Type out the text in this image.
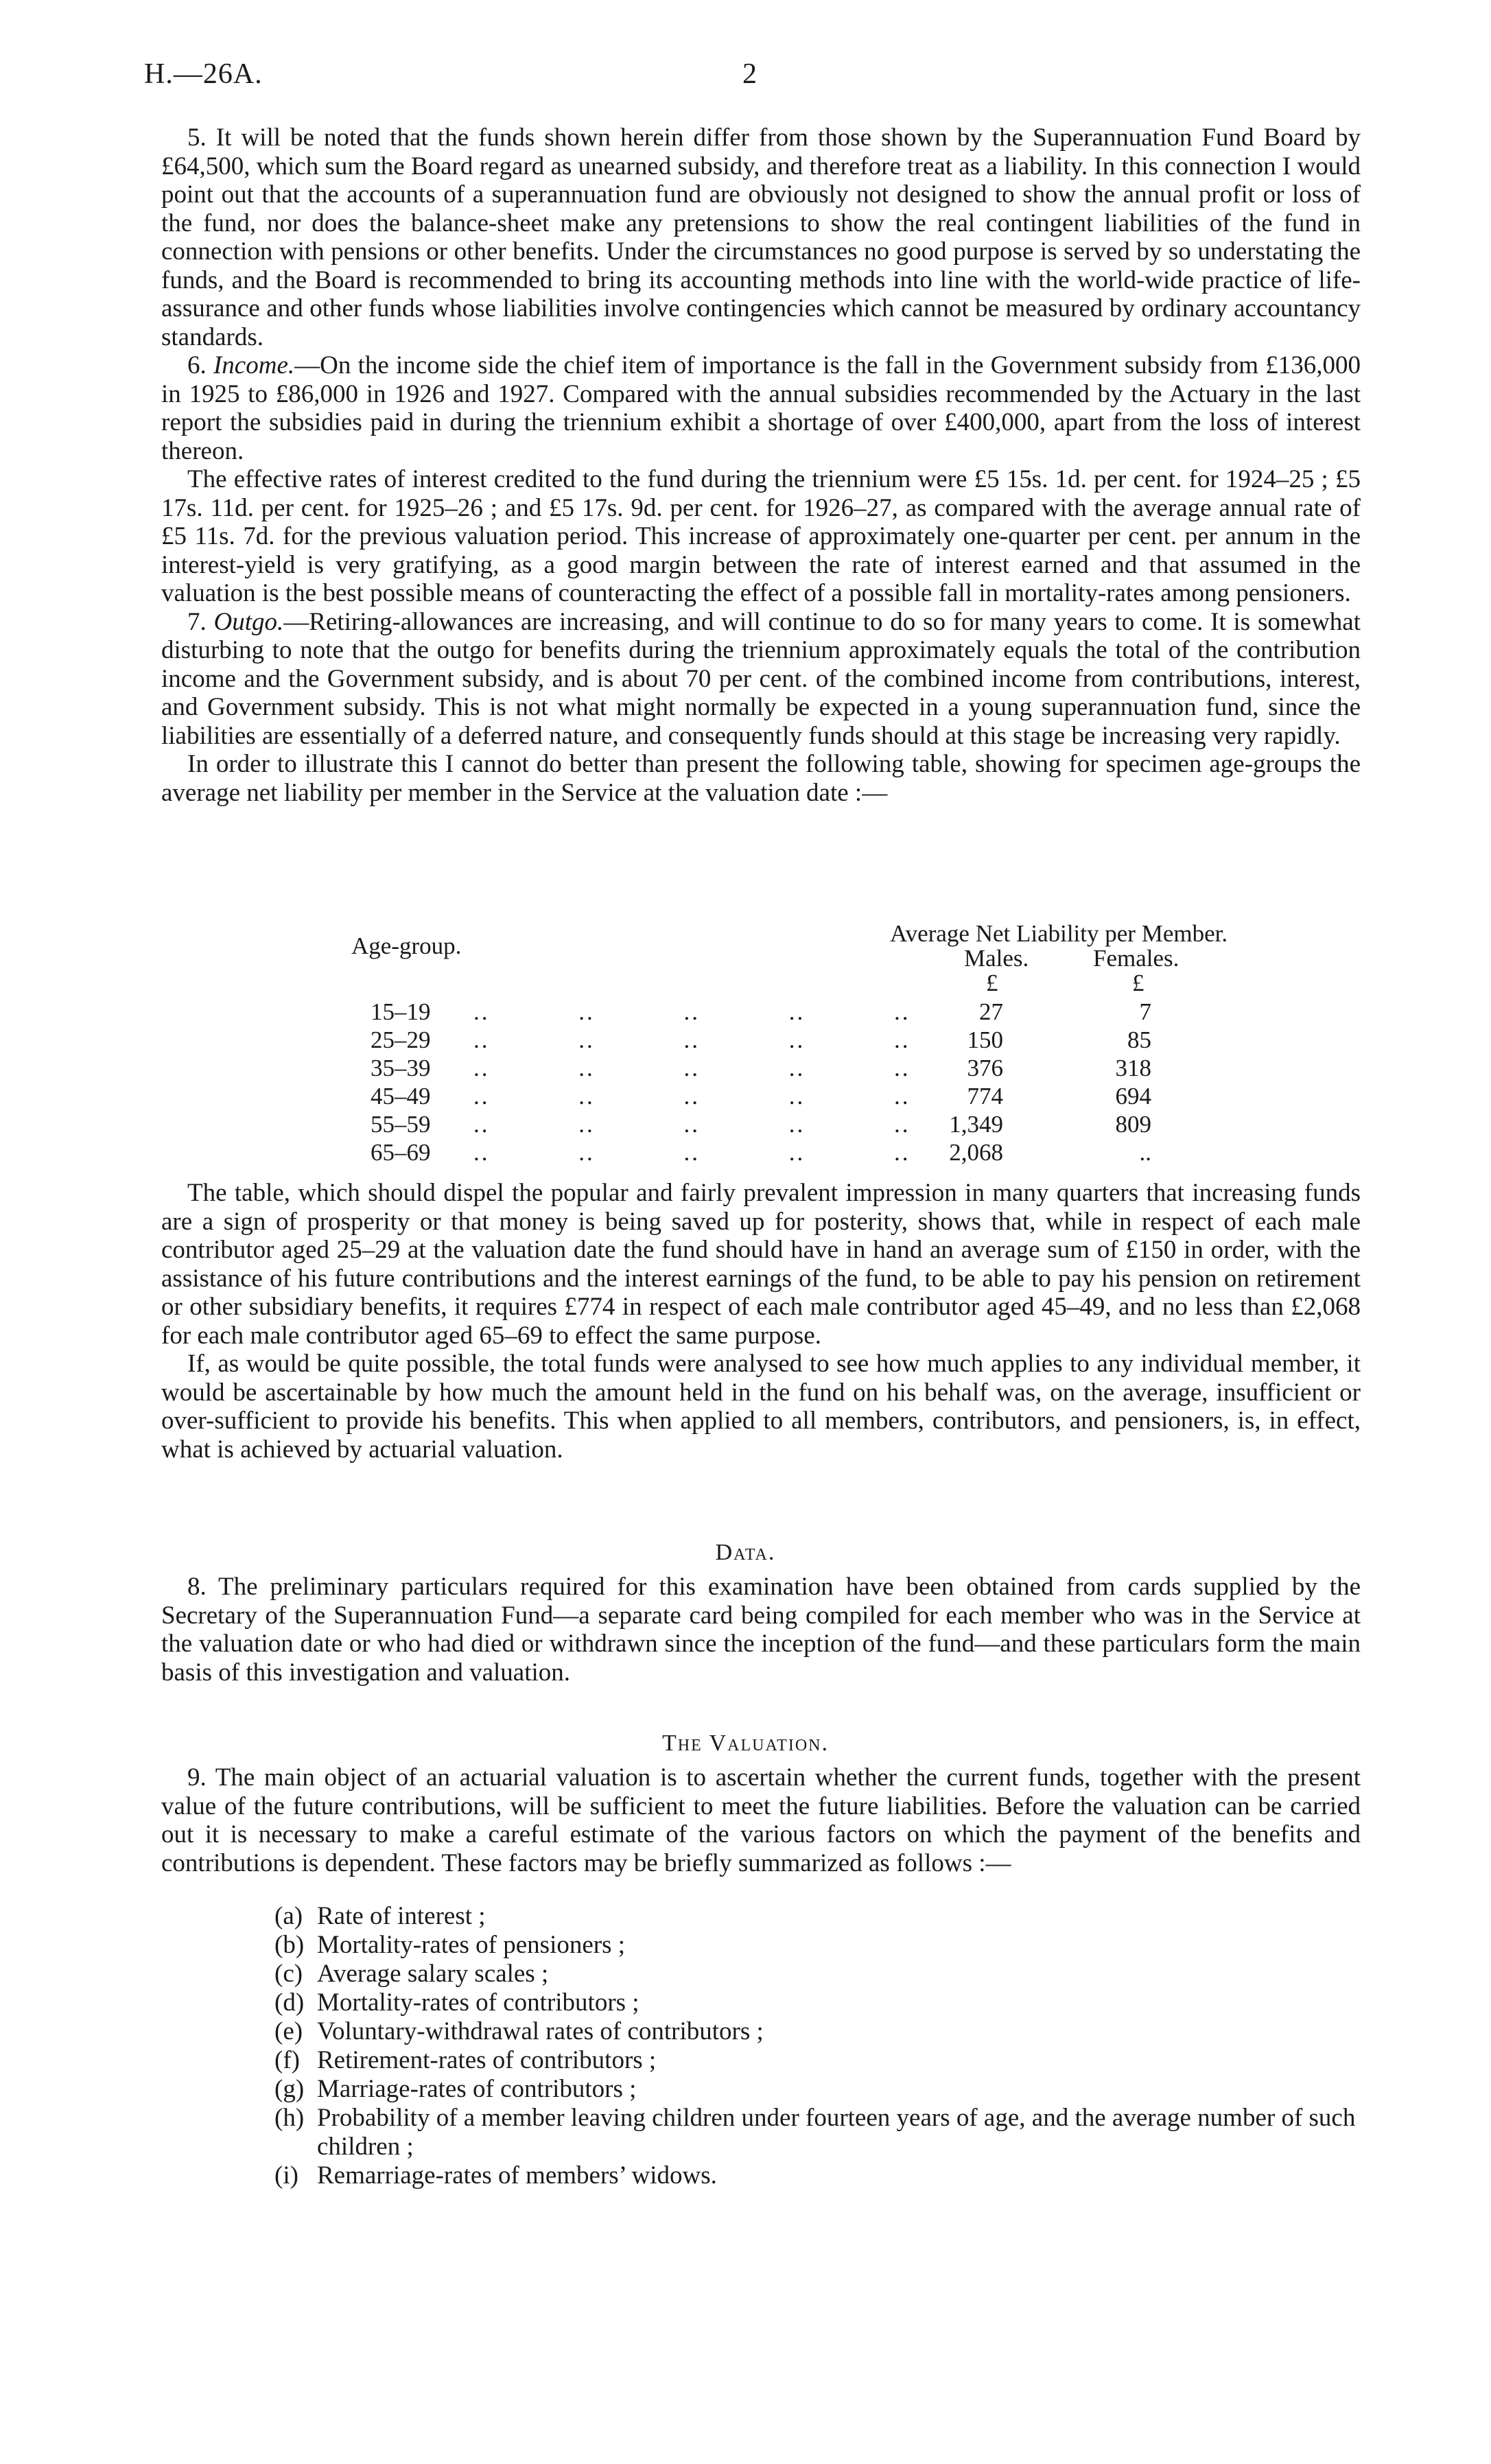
H.—26A.	2

5. It will be noted that the funds shown herein differ from those shown by the Superannuation Fund Board by £64,500, which sum the Board regard as unearned subsidy, and therefore treat as a liability. In this connection I would point out that the accounts of a superannuation fund are obviously not designed to show the annual profit or loss of the fund, nor does the balance-sheet make any pretensions to show the real contingent liabilities of the fund in connection with pensions or other benefits. Under the circumstances no good purpose is served by so understating the funds, and the Board is recommended to bring its accounting methods into line with the world-wide practice of life-assurance and other funds whose liabilities involve contingencies which cannot be measured by ordinary accountancy standards.

6. Income.—On the income side the chief item of importance is the fall in the Government subsidy from £136,000 in 1925 to £86,000 in 1926 and 1927. Compared with the annual subsidies recommended by the Actuary in the last report the subsidies paid in during the triennium exhibit a shortage of over £400,000, apart from the loss of interest thereon.

The effective rates of interest credited to the fund during the triennium were £5 15s. 1d. per cent. for 1924–25 ; £5 17s. 11d. per cent. for 1925–26 ; and £5 17s. 9d. per cent. for 1926–27, as compared with the average annual rate of £5 11s. 7d. for the previous valuation period. This increase of approximately one-quarter per cent. per annum in the interest-yield is very gratifying, as a good margin between the rate of interest earned and that assumed in the valuation is the best possible means of counteracting the effect of a possible fall in mortality-rates among pensioners.

7. Outgo.—Retiring-allowances are increasing, and will continue to do so for many years to come. It is somewhat disturbing to note that the outgo for benefits during the triennium approximately equals the total of the contribution income and the Government subsidy, and is about 70 per cent. of the combined income from contributions, interest, and Government subsidy. This is not what might normally be expected in a young superannuation fund, since the liabilities are essentially of a deferred nature, and consequently funds should at this stage be increasing very rapidly.

In order to illustrate this I cannot do better than present the following table, showing for specimen age-groups the average net liability per member in the Service at the valuation date :—

Age-group.	Average Net Liability per Member.
Males.	Females.
£	£
15–19 .. .. .. .. ..	27	7
25–29 .. .. .. .. .. 150	85
35–39 .. .. .. .. .. 376	318
45–49 .. .. .. .. .. 774	694
55–59 .. .. .. .. .. 1,349	809
65–69 .. .. .. .. .. 2,068	..

The table, which should dispel the popular and fairly prevalent impression in many quarters that increasing funds are a sign of prosperity or that money is being saved up for posterity, shows that, while in respect of each male contributor aged 25–29 at the valuation date the fund should have in hand an average sum of £150 in order, with the assistance of his future contributions and the interest earnings of the fund, to be able to pay his pension on retirement or other subsidiary benefits, it requires £774 in respect of each male contributor aged 45–49, and no less than £2,068 for each male contributor aged 65–69 to effect the same purpose.

If, as would be quite possible, the total funds were analysed to see how much applies to any individual member, it would be ascertainable by how much the amount held in the fund on his behalf was, on the average, insufficient or over-sufficient to provide his benefits. This when applied to all members, contributors, and pensioners, is, in effect, what is achieved by actuarial valuation.

Data.

8. The preliminary particulars required for this examination have been obtained from cards supplied by the Secretary of the Superannuation Fund—a separate card being compiled for each member who was in the Service at the valuation date or who had died or withdrawn since the inception of the fund—and these particulars form the main basis of this investigation and valuation.

The Valuation.

9. The main object of an actuarial valuation is to ascertain whether the current funds, together with the present value of the future contributions, will be sufficient to meet the future liabilities. Before the valuation can be carried out it is necessary to make a careful estimate of the various factors on which the payment of the benefits and contributions is dependent. These factors may be briefly summarized as follows :—

(a) Rate of interest ;
(b) Mortality-rates of pensioners ;
(c) Average salary scales ;
(d) Mortality-rates of contributors ;
(e) Voluntary-withdrawal rates of contributors ;
(f) Retirement-rates of contributors ;
(g) Marriage-rates of contributors ;
(h) Probability of a member leaving children under fourteen years of age, and the average number of such children ;
(i) Remarriage-rates of members’ widows.
